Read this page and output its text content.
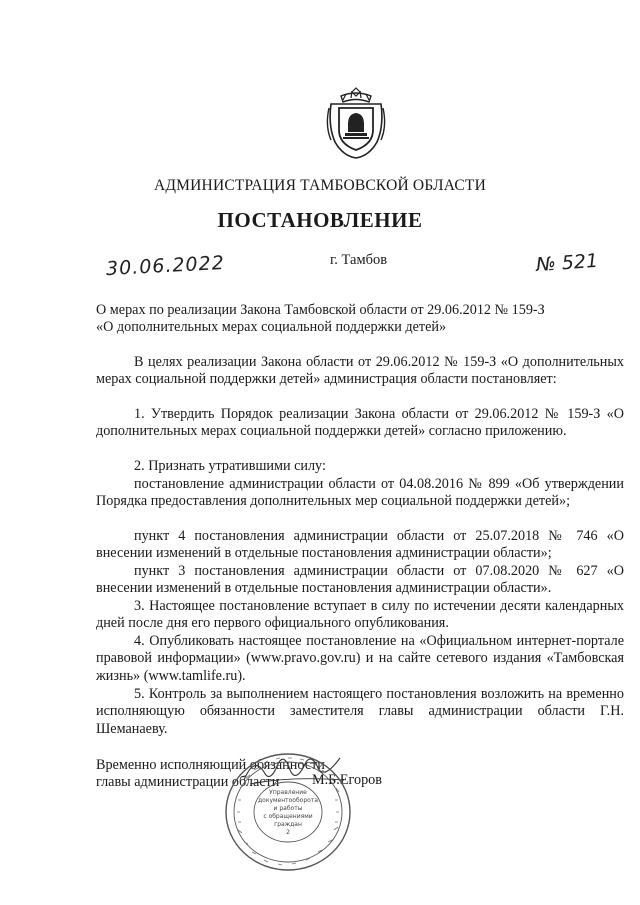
АДМИНИСТРАЦИЯ ТАМБОВСКОЙ ОБЛАСТИ
ПОСТАНОВЛЕНИЕ
30.06.2022	г. Тамбов	№ 521
О мерах по реализации Закона Тамбовской области от 29.06.2012 № 159-З
«О дополнительных мерах социальной поддержки детей»
В целях реализации Закона области от 29.06.2012 № 159-З «О дополнительных мерах социальной поддержки детей» администрация области постановляет:
1. Утвердить Порядок реализации Закона области от 29.06.2012 № 159-З «О дополнительных мерах социальной поддержки детей» согласно приложению.
2. Признать утратившими силу:
постановление администрации области от 04.08.2016 № 899 «Об утверждении Порядка предоставления дополнительных мер социальной поддержки детей»;
пункт 4 постановления администрации области от 25.07.2018 № 746 «О внесении изменений в отдельные постановления администрации области»;
пункт 3 постановления администрации области от 07.08.2020 № 627 «О внесении изменений в отдельные постановления администрации области».
3. Настоящее постановление вступает в силу по истечении десяти календарных дней после дня его первого официального опубликования.
4. Опубликовать настоящее постановление на «Официальном интернет-портале правовой информации» (www.pravo.gov.ru) и на сайте сетевого издания «Тамбовская жизнь» (www.tamlife.ru).
5. Контроль за выполнением настоящего постановления возложить на временно исполняющую обязанности заместителя главы администрации области Г.Н. Шеманаеву.
Временно исполняющий обязанности
главы администрации области М.Б.Егоров
Управление
документооборота
и работы
с обращениями
граждан
2
